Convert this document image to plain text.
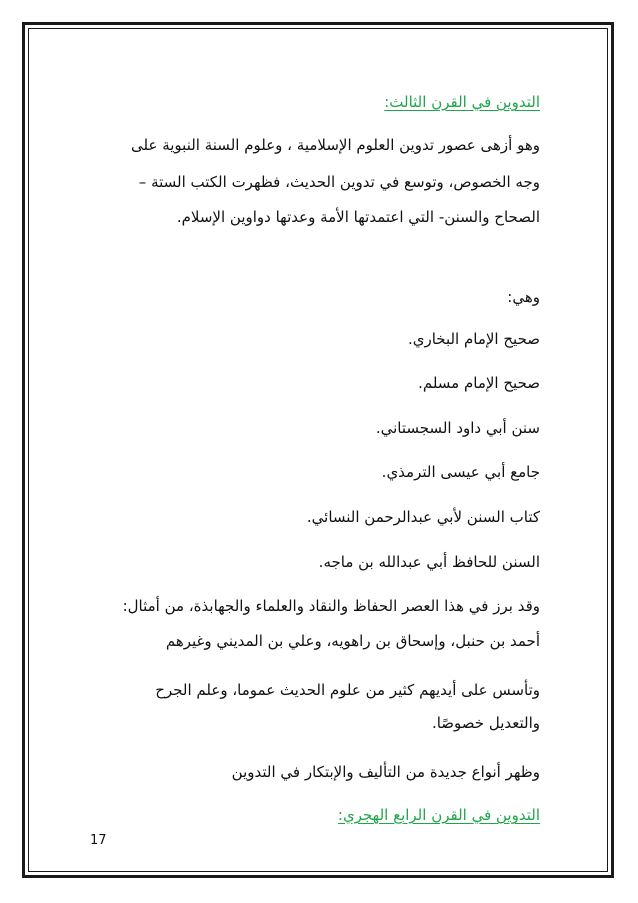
التدوين في القرن الثالث:
وهو أزهى عصور تدوين العلوم الإسلامية ، وعلوم السنة النبوية على
وجه الخصوص، وتوسع في تدوين الحديث، فظهرت الكتب الستة –
الصحاح والسنن- التي اعتمدتها الأمة وعدتها دواوين الإسلام.
وهي:
صحيح الإمام البخاري.
صحيح الإمام مسلم.
سنن أبي داود السجستاني.
جامع أبي عيسى الترمذي.
كتاب السنن لأبي عبدالرحمن النسائي.
السنن للحافظ أبي عبدالله بن ماجه.
وقد برز في هذا العصر الحفاظ والنقاد والعلماء والجهابذة، من أمثال:
أحمد بن حنبل، وإسحاق بن راهويه، وعلي بن المديني وغيرهم
وتأسس على أيديهم كثير من علوم الحديث عموما، وعلم الجرح
والتعديل خصوصًا.
وظهر أنواع جديدة من التأليف والإبتكار في التدوين
التدوين في القرن الرابع الهجري:
17
